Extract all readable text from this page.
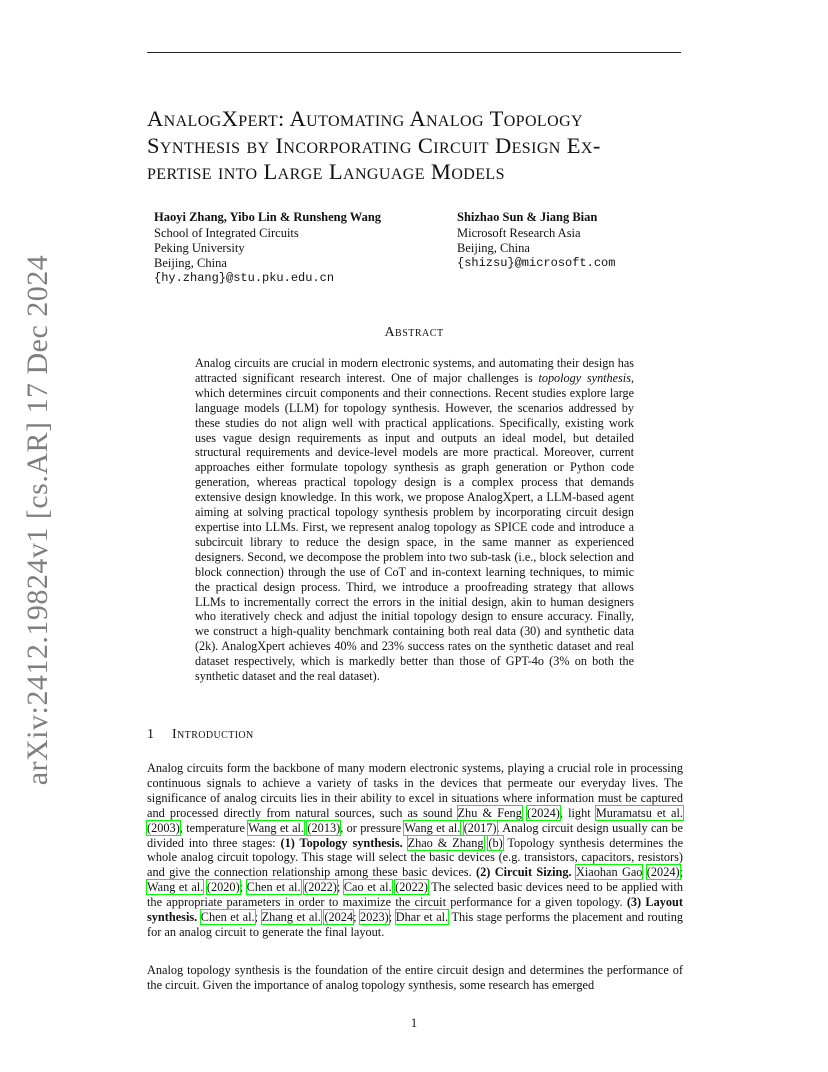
arXiv:2412.19824v1 [cs.AR] 17 Dec 2024
AnalogXpert: Automating Analog Topology
Synthesis by Incorporating Circuit Design Ex-
pertise into Large Language Models
Haoyi Zhang, Yibo Lin & Runsheng Wang
School of Integrated Circuits
Peking University
Beijing, China
{hy.zhang}@stu.pku.edu.cn
Shizhao Sun & Jiang Bian
Microsoft Research Asia
Beijing, China
{shizsu}@microsoft.com
Abstract

Analog circuits are crucial in modern electronic systems, and automating their design has attracted significant research interest. One of major challenges is topology synthesis, which determines circuit components and their connections. Recent studies explore large language models (LLM) for topology synthesis. However, the scenarios addressed by these studies do not align well with practical applications. Specifically, existing work uses vague design requirements as input and outputs an ideal model, but detailed structural requirements and device-level models are more practical. Moreover, current approaches either formulate topology synthesis as graph generation or Python code generation, whereas practical topology design is a complex process that demands extensive design knowledge. In this work, we propose AnalogXpert, a LLM-based agent aiming at solving practical topology synthesis problem by incorporating circuit design expertise into LLMs. First, we represent analog topology as SPICE code and introduce a subcircuit library to reduce the design space, in the same manner as experienced designers. Second, we decompose the problem into two sub-task (i.e., block selection and block connection) through the use of CoT and in-context learning techniques, to mimic the practical design process. Third, we introduce a proofreading strategy that allows LLMs to incrementally correct the errors in the initial design, akin to human designers who iteratively check and adjust the initial topology design to ensure accuracy. Finally, we construct a high-quality benchmark containing both real data (30) and synthetic data (2k). AnalogXpert achieves 40% and 23% success rates on the synthetic dataset and real dataset respectively, which is markedly better than those of GPT-4o (3% on both the synthetic dataset and the real dataset).

1 Introduction

Analog circuits form the backbone of many modern electronic systems, playing a crucial role in processing continuous signals to achieve a variety of tasks in the devices that permeate our everyday lives. The significance of analog circuits lies in their ability to excel in situations where information must be captured and processed directly from natural sources, such as sound Zhu & Feng (2024), light Muramatsu et al. (2003), temperature Wang et al. (2013), or pressure Wang et al. (2017). Analog circuit design usually can be divided into three stages: (1) Topology synthesis. Zhao & Zhang (b) Topology synthesis determines the whole analog circuit topology. This stage will select the basic devices (e.g. transistors, capacitors, resistors) and give the connection relationship among these basic devices. (2) Circuit Sizing. Xiaohan Gao (2024); Wang et al. (2020); Chen et al. (2022); Cao et al. (2022) The selected basic devices need to be applied with the appropriate parameters in order to maximize the circuit performance for a given topology. (3) Layout synthesis. Chen et al.; Zhang et al. (2024; 2023); Dhar et al. This stage performs the placement and routing for an analog circuit to generate the final layout.

Analog topology synthesis is the foundation of the entire circuit design and determines the performance of the circuit. Given the importance of analog topology synthesis, some research has emerged

1
